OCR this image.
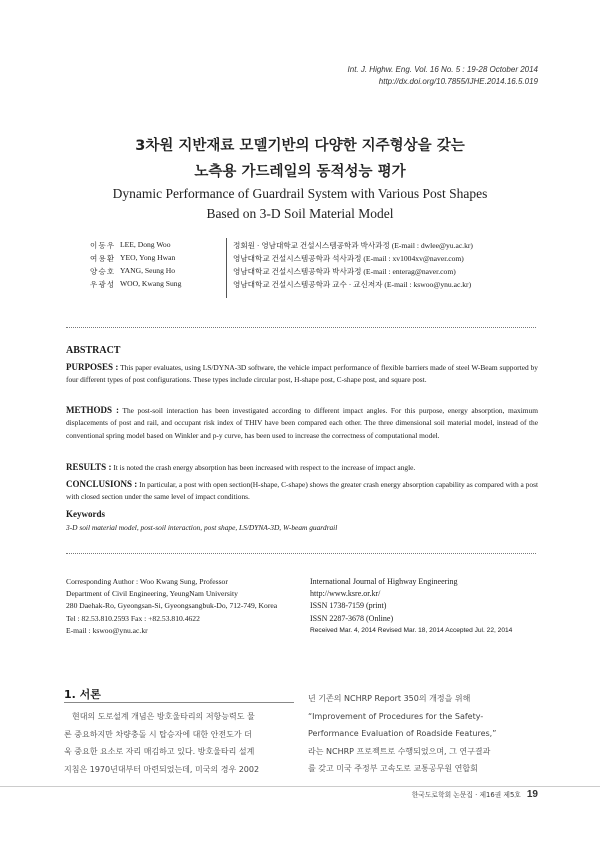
Int. J. Highw. Eng. Vol. 16 No. 5 : 19-28 October 2014
http://dx.doi.org/10.7855/IJHE.2014.16.5.019
3차원 지반재료 모델기반의 다양한 지주형상을 갖는
노측용 가드레일의 동적성능 평가
Dynamic Performance of Guardrail System with Various Post Shapes
Based on 3-D Soil Material Model
이동우 LEE, Dong Woo	정회원 · 영남대학교 건설시스템공학과 박사과정 (E-mail : dwlee@yu.ac.kr)
여용환 YEO, Yong Hwan	영남대학교 건설시스템공학과 석사과정 (E-mail : xv1004xv@naver.com)
양승호 YANG, Seung Ho	영남대학교 건설시스템공학과 박사과정 (E-mail : enterag@naver.com)
우광성 WOO, Kwang Sung	영남대학교 건설시스템공학과 교수 · 교신저자 (E-mail : kswoo@ynu.ac.kr)
ABSTRACT
PURPOSES : This paper evaluates, using LS/DYNA-3D software, the vehicle impact performance of flexible barriers made of steel W-Beam supported by four different types of post configurations. These types include circular post, H-shape post, C-shape post, and square post.
METHODS : The post-soil interaction has been investigated according to different impact angles. For this purpose, energy absorption, maximum displacements of post and rail, and occupant risk index of THIV have been compared each other. The three dimensional soil material model, instead of the conventional spring model based on Winkler and p-y curve, has been used to increase the correctness of computational model.
RESULTS : It is noted the crash energy absorption has been increased with respect to the increase of impact angle.
CONCLUSIONS : In particular, a post with open section(H-shape, C-shape) shows the greater crash energy absorption capability as compared with a post with closed section under the same level of impact conditions.
Keywords
3-D soil material model, post-soil interaction, post shape, LS/DYNA-3D, W-beam guardrail
Corresponding Author : Woo Kwang Sung, Professor
Department of Civil Engineering, YeungNam University
280 Daehak-Ro, Gyeongsan-Si, Gyeongsangbuk-Do, 712-749, Korea
Tel : 82.53.810.2593 Fax : +82.53.810.4622
E-mail : kswoo@ynu.ac.kr
International Journal of Highway Engineering
http://www.ksre.or.kr/
ISSN 1738-7159 (print)
ISSN 2287-3678 (Online)
Received Mar. 4, 2014 Revised Mar. 18, 2014 Accepted Jul. 22, 2014
1. 서론
현대의 도로설계 개념은 방호울타리의 저항능력도 물
론 중요하지만 차량충돌 시 탑승자에 대한 안전도가 더
욱 중요한 요소로 자리 매김하고 있다. 방호울타리 설계
지침은 1970년대부터 마련되었는데, 미국의 경우 2002
년 기존의 NCHRP Report 350의 개정을 위해
“Improvement of Procedures for the Safety-
Performance Evaluation of Roadside Features,”
라는 NCHRP 프로젝트로 수행되었으며, 그 연구결과
를 갖고 미국 주정부 고속도로 교통공무원 연합회
한국도로학회 논문집 · 제16권 제5호 19
